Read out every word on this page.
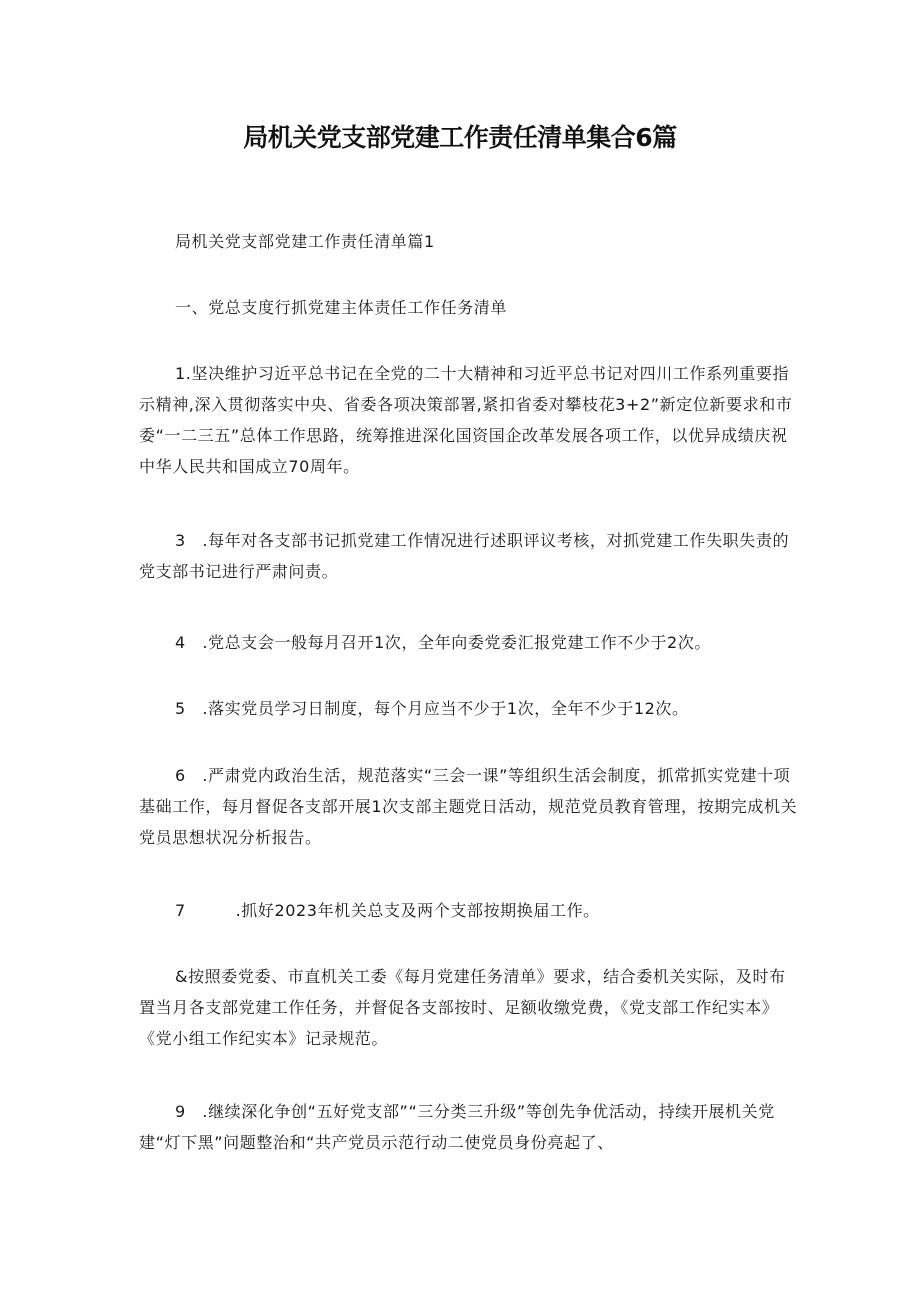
局机关党支部党建工作责任清单集合6篇

局机关党支部党建工作责任清单篇1

一、党总支度行抓党建主体责任工作任务清单

1.坚决维护习近平总书记在全党的二十大精神和习近平总书记对四川工作系列重要指示精神,深入贯彻落实中央、省委各项决策部署,紧扣省委对攀枝花3+2”新定位新要求和市委“一二三五”总体工作思路，统筹推进深化国资国企改革发展各项工作，以优异成绩庆祝中华人民共和国成立70周年。

3 .每年对各支部书记抓党建工作情况进行述职评议考核，对抓党建工作失职失责的党支部书记进行严肃问责。

4 .党总支会一般每月召开1次，全年向委党委汇报党建工作不少于2次。

5 .落实党员学习日制度，每个月应当不少于1次，全年不少于12次。

6 .严肃党内政治生活，规范落实“三会一课”等组织生活会制度，抓常抓实党建十项基础工作，每月督促各支部开展1次支部主题党日活动，规范党员教育管理，按期完成机关党员思想状况分析报告。

7   .抓好2023年机关总支及两个支部按期换届工作。

&按照委党委、市直机关工委《每月党建任务清单》要求，结合委机关实际，及时布置当月各支部党建工作任务，并督促各支部按时、足额收缴党费，《党支部工作纪实本》《党小组工作纪实本》记录规范。

9 .继续深化争创“五好党支部”“三分类三升级”等创先争优活动，持续开展机关党建“灯下黑”问题整治和“共产党员示范行动二使党员身份亮起了、
